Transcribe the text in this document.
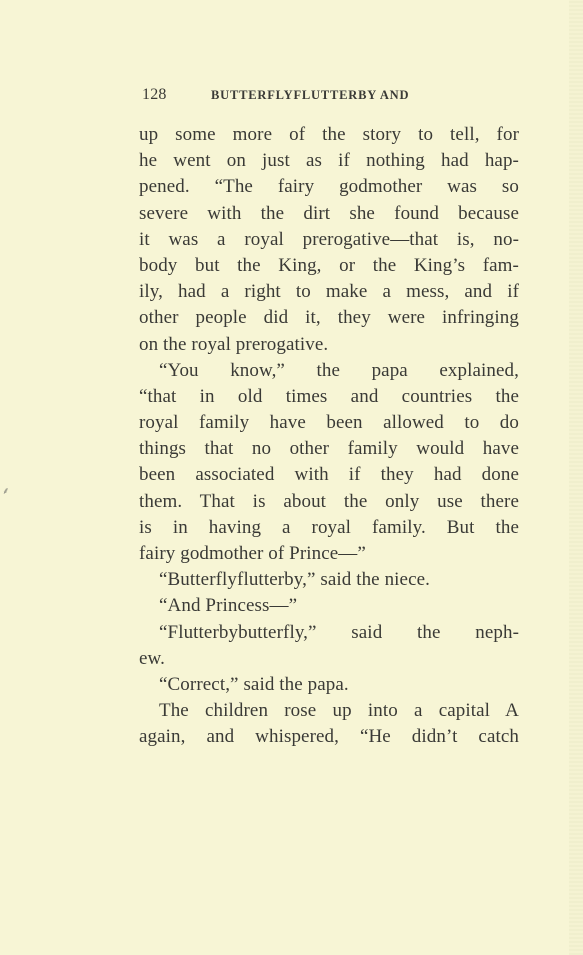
⸙
128	BUTTERFLYFLUTTERBY AND
up some more of the story to tell, for
he went on just as if nothing had hap-
pened. “The fairy godmother was so
severe with the dirt she found because
it was a royal prerogative—that is, no-
body but the King, or the King’s fam-
ily, had a right to make a mess, and if
other people did it, they were infringing
on the royal prerogative.
“You know,” the papa explained,
“that in old times and countries the
royal family have been allowed to do
things that no other family would have
been associated with if they had done
them. That is about the only use there
is in having a royal family. But the
fairy godmother of Prince—”
“Butterflyflutterby,” said the niece.
“And Princess—”
“Flutterbybutterfly,” said the neph-
ew.
“Correct,” said the papa.
The children rose up into a capital A
again, and whispered, “He didn’t catch
